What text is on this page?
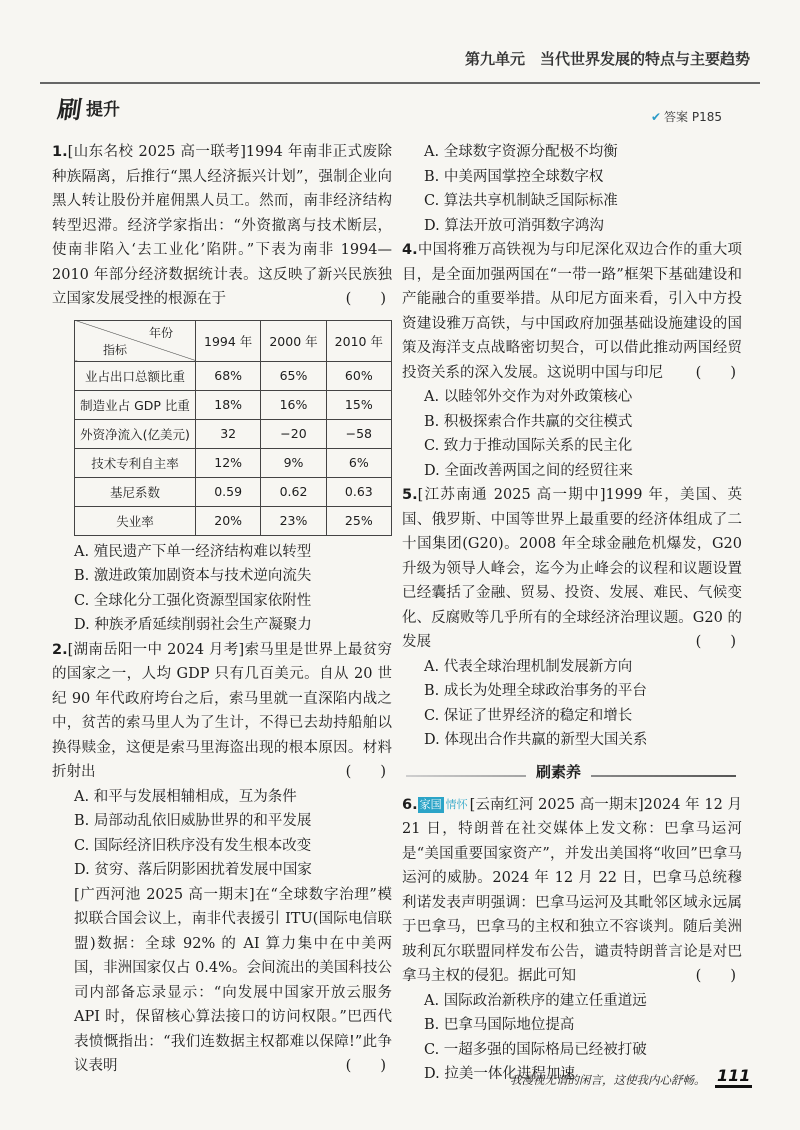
第九单元　当代世界发展的特点与主要趋势
刷 提升	✔ 答案 P185

1.[山东名校 2025 高一联考]1994 年南非正式废除种族隔离，后推行“黑人经济振兴计划”，强制企业向黑人转让股份并雇佣黑人员工。然而，南非经济结构转型迟滞。经济学家指出：“外资撤离与技术断层，使南非陷入‘去工业化’陷阱。”下表为南非 1994—2010 年部分经济数据统计表。这反映了新兴民族独立国家发展受挫的根源在于	(　　)

年份
指标	1994 年	2000 年	2010 年
业占出口总额比重	68%	65%	60%
制造业占 GDP 比重	18%	16%	15%
外资净流入(亿美元)	32	−20	−58
技术专利自主率	12%	9%	6%
基尼系数	0.59	0.62	0.63
失业率	20%	23%	25%

A. 殖民遗产下单一经济结构难以转型

B. 激进政策加剧资本与技术逆向流失

C. 全球化分工强化资源型国家依附性

D. 种族矛盾延续削弱社会生产凝聚力

2.[湖南岳阳一中 2024 月考]索马里是世界上最贫穷的国家之一，人均 GDP 只有几百美元。自从 20 世纪 90 年代政府垮台之后，索马里就一直深陷内战之中，贫苦的索马里人为了生计，不得已去劫持船舶以换得赎金，这便是索马里海盗出现的根本原因。材料折射出	(　　)

A. 和平与发展相辅相成，互为条件

B. 局部动乱依旧威胁世界的和平发展

C. 国际经济旧秩序没有发生根本改变

D. 贫穷、落后阴影困扰着发展中国家

[广西河池 2025 高一期末]在“全球数字治理”模拟联合国会议上，南非代表援引 ITU(国际电信联盟)数据：全球 92% 的 AI 算力集中在中美两国，非洲国家仅占 0.4%。会间流出的美国科技公司内部备忘录显示：“向发展中国家开放云服务 API 时，保留核心算法接口的访问权限。”巴西代表愤慨指出：“我们连数据主权都难以保障!”此争议表明	(　　)

A. 全球数字资源分配极不均衡

B. 中美两国掌控全球数字权

C. 算法共享机制缺乏国际标准

D. 算法开放可消弭数字鸿沟

4.中国将雅万高铁视为与印尼深化双边合作的重大项目，是全面加强两国在“一带一路”框架下基础建设和产能融合的重要举措。从印尼方面来看，引入中方投资建设雅万高铁，与中国政府加强基础设施建设的国策及海洋支点战略密切契合，可以借此推动两国经贸投资关系的深入发展。这说明中国与印尼 (　　)

A. 以睦邻外交作为对外政策核心

B. 积极探索合作共赢的交往模式

C. 致力于推动国际关系的民主化

D. 全面改善两国之间的经贸往来

5.[江苏南通 2025 高一期中]1999 年，美国、英国、俄罗斯、中国等世界上最重要的经济体组成了二十国集团(G20)。2008 年全球金融危机爆发，G20 升级为领导人峰会，迄今为止峰会的议程和议题设置已经囊括了金融、贸易、投资、发展、难民、气候变化、反腐败等几乎所有的全球经济治理议题。G20 的发展	(　　)

A. 代表全球治理机制发展新方向

B. 成长为处理全球政治事务的平台

C. 保证了世界经济的稳定和增长

D. 体现出合作共赢的新型大国关系

刷素养

6. 家国 情怀 [云南红河 2025 高一期末]2024 年 12 月 21 日，特朗普在社交媒体上发文称：巴拿马运河是“美国重要国家资产”，并发出美国将“收回”巴拿马运河的威胁。2024 年 12 月 22 日，巴拿马总统穆利诺发表声明强调：巴拿马运河及其毗邻区域永远属于巴拿马，巴拿马的主权和独立不容谈判。随后美洲玻利瓦尔联盟同样发布公告，谴责特朗普言论是对巴拿马主权的侵犯。据此可知	(　　)

A. 国际政治新秩序的建立任重道远

B. 巴拿马国际地位提高

C. 一超多强的国际格局已经被打破

D. 拉美一体化进程加速

我漫视无谓的闲言，这使我内心舒畅。 111
